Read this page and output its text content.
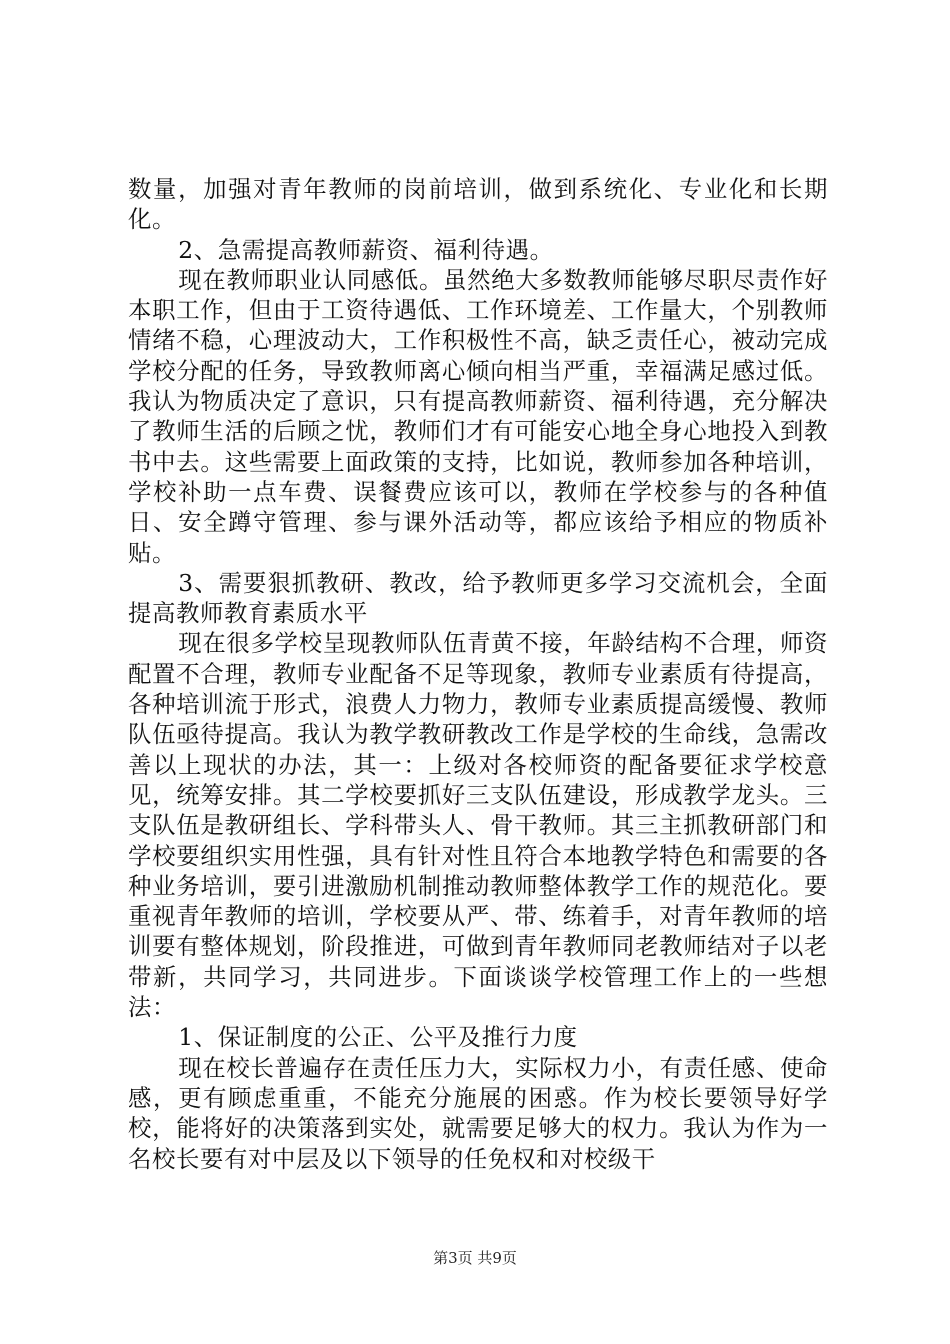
数量，加强对青年教师的岗前培训，做到系统化、专业化和长期化。

2、急需提高教师薪资、福利待遇。

现在教师职业认同感低。虽然绝大多数教师能够尽职尽责作好本职工作，但由于工资待遇低、工作环境差、工作量大，个别教师情绪不稳，心理波动大，工作积极性不高，缺乏责任心，被动完成学校分配的任务，导致教师离心倾向相当严重，幸福满足感过低。我认为物质决定了意识，只有提高教师薪资、福利待遇，充分解决了教师生活的后顾之忧，教师们才有可能安心地全身心地投入到教书中去。这些需要上面政策的支持，比如说，教师参加各种培训，学校补助一点车费、误餐费应该可以，教师在学校参与的各种值日、安全蹲守管理、参与课外活动等，都应该给予相应的物质补贴。

3、需要狠抓教研、教改，给予教师更多学习交流机会，全面提高教师教育素质水平

现在很多学校呈现教师队伍青黄不接，年龄结构不合理，师资配置不合理，教师专业配备不足等现象，教师专业素质有待提高，各种培训流于形式，浪费人力物力，教师专业素质提高缓慢、教师队伍亟待提高。我认为教学教研教改工作是学校的生命线，急需改善以上现状的办法，其一：上级对各校师资的配备要征求学校意见，统筹安排。其二学校要抓好三支队伍建设，形成教学龙头。三支队伍是教研组长、学科带头人、骨干教师。其三主抓教研部门和学校要组织实用性强，具有针对性且符合本地教学特色和需要的各种业务培训，要引进激励机制推动教师整体教学工作的规范化。要重视青年教师的培训，学校要从严、带、练着手，对青年教师的培训要有整体规划，阶段推进，可做到青年教师同老教师结对子以老带新，共同学习，共同进步。下面谈谈学校管理工作上的一些想法：

1、保证制度的公正、公平及推行力度

现在校长普遍存在责任压力大，实际权力小，有责任感、使命感，更有顾虑重重，不能充分施展的困惑。作为校长要领导好学校，能将好的决策落到实处，就需要足够大的权力。我认为作为一名校长要有对中层及以下领导的任免权和对校级干

第3页 共9页
